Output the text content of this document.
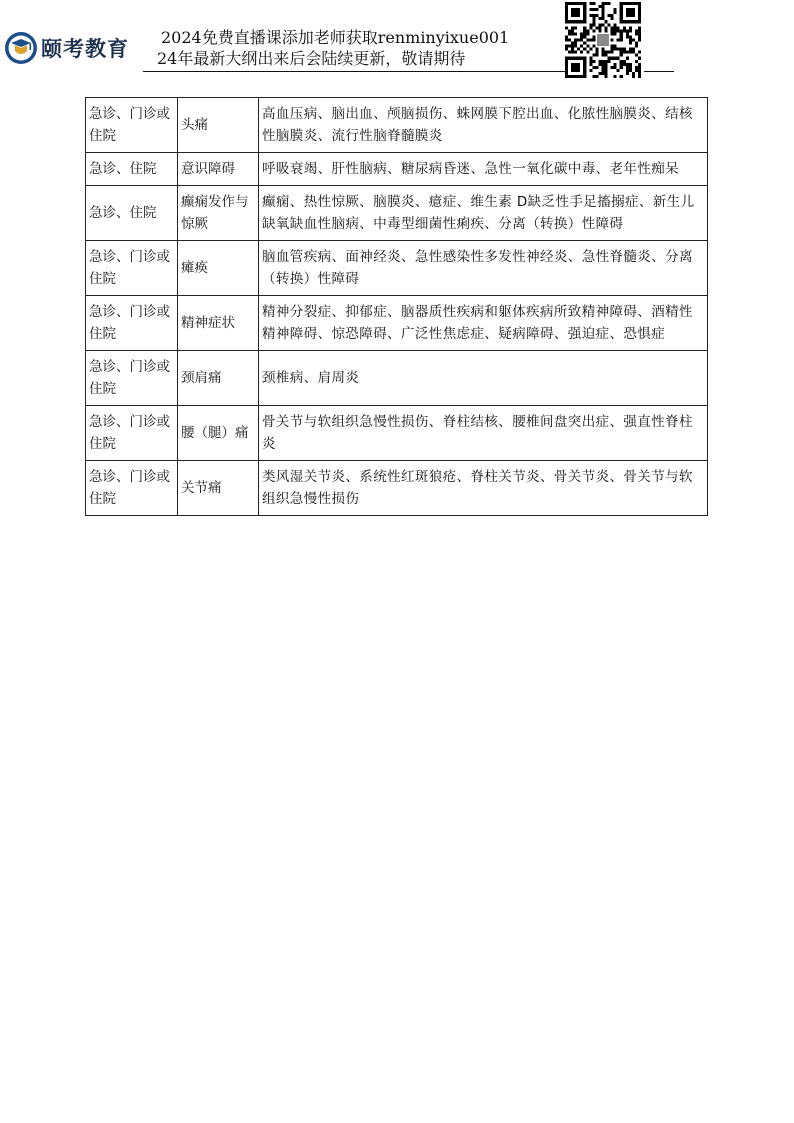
颐考教育 2024免费直播课添加老师获取renminyixue001
24年最新大纲出来后会陆续更新，敬请期待
急诊、门诊或住院	头痛	高血压病、脑出血、颅脑损伤、蛛网膜下腔出血、化脓性脑膜炎、结核性脑膜炎、流行性脑脊髓膜炎
急诊、住院	意识障碍	呼吸衰竭、肝性脑病、糖尿病昏迷、急性一氧化碳中毒、老年性痴呆
急诊、住院	癫痫发作与惊厥	癫痫、热性惊厥、脑膜炎、癔症、维生素 D缺乏性手足搐搦症、新生儿缺氧缺血性脑病、中毒型细菌性痢疾、分离（转换）性障碍
急诊、门诊或住院	瘫痪	脑血管疾病、面神经炎、急性感染性多发性神经炎、急性脊髓炎、分离（转换）性障碍
急诊、门诊或住院	精神症状	精神分裂症、抑郁症、脑器质性疾病和躯体疾病所致精神障碍、酒精性精神障碍、惊恐障碍、广泛性焦虑症、疑病障碍、强迫症、恐惧症
急诊、门诊或住院	颈肩痛	颈椎病、肩周炎
急诊、门诊或住院	腰（腿）痛	骨关节与软组织急慢性损伤、脊柱结核、腰椎间盘突出症、强直性脊柱炎
急诊、门诊或住院	关节痛	类风湿关节炎、系统性红斑狼疮、脊柱关节炎、骨关节炎、骨关节与软组织急慢性损伤
